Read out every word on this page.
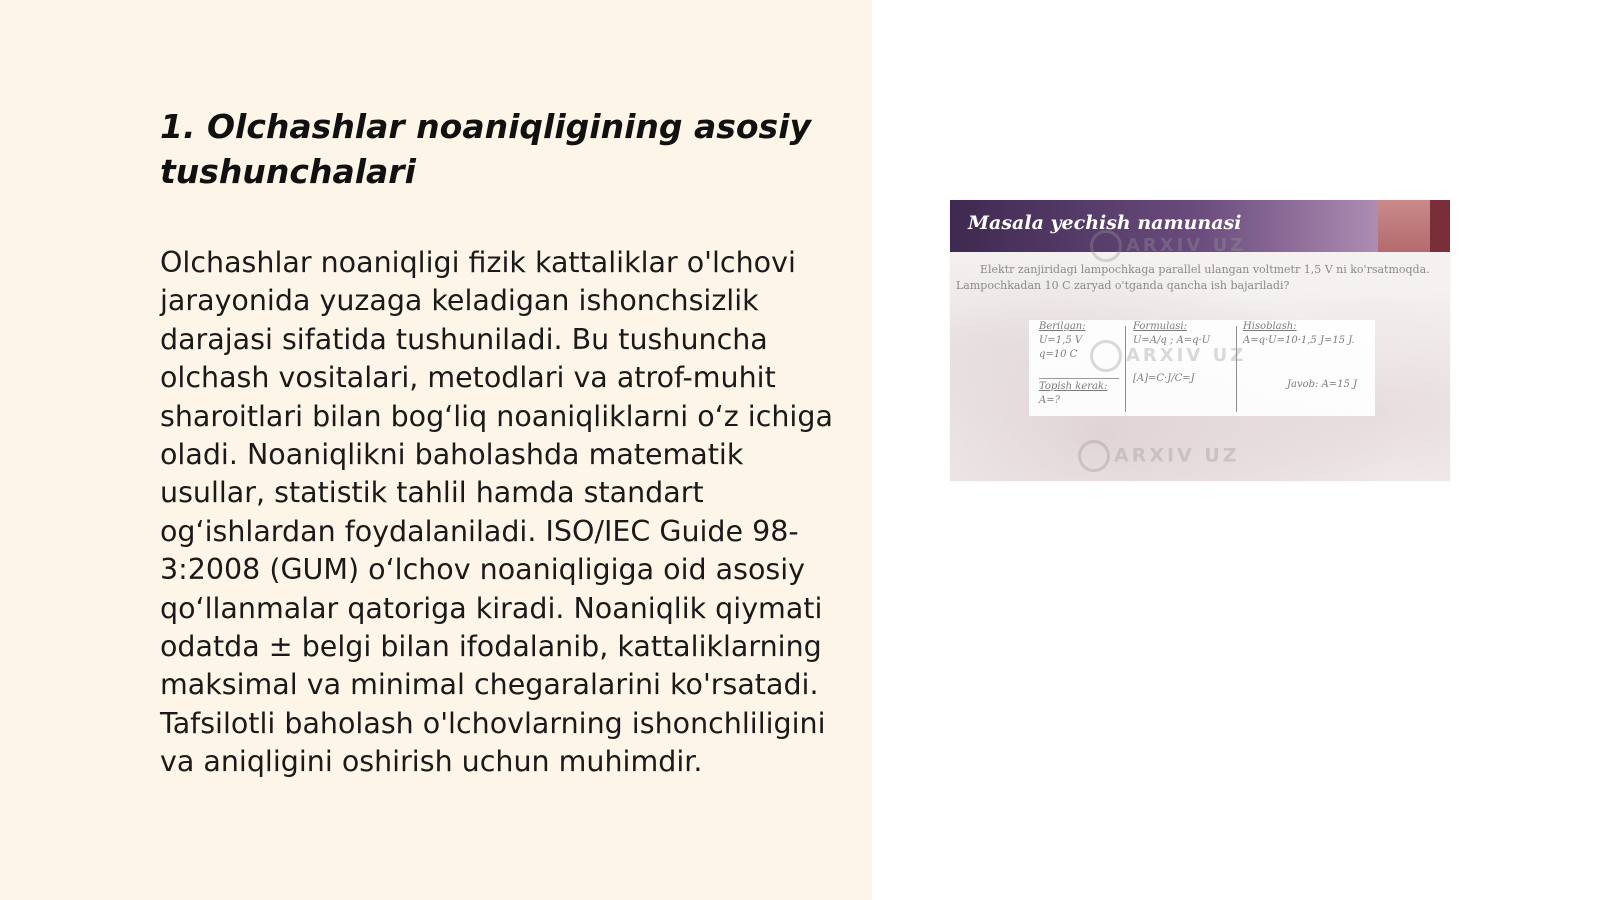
1. Olchashlar noaniqligining asosiy tushunchalari

Olchashlar noaniqligi fizik kattaliklar o'lchovi jarayonida yuzaga keladigan ishonchsizlik darajasi sifatida tushuniladi. Bu tushuncha olchash vositalari, metodlari va atrof-muhit sharoitlari bilan bog‘liq noaniqliklarni o‘z ichiga oladi. Noaniqlikni baholashda matematik usullar, statistik tahlil hamda standart og‘ishlardan foydalaniladi. ISO/IEC Guide 98-3:2008 (GUM) o‘lchov noaniqligiga oid asosiy qo‘llanmalar qatoriga kiradi. Noaniqlik qiymati odatda ± belgi bilan ifodalanib, kattaliklarning maksimal va minimal chegaralarini ko'rsatadi. Tafsilotli baholash o'lchovlarning ishonchliligini va aniqligini oshirish uchun muhimdir.

Masala yechish namunasi
Elektr zanjiridagi lampochkaga parallel ulangan voltmetr 1,5 V ni ko'rsatmoqda. Lampochkadan 10 C zaryad o'tganda qancha ish bajariladi?
Berilgan:
U=1,5 V
q=10 C
Topish kerak:
A=?
Formulasi:
U=A/q ; A=q·U
[A]=C·J/C=J
Hisoblash:
A=q·U=10·1,5 J=15 J.
Javob: A=15 J
ARXIV UZ
ARXIV UZ
ARXIV UZ
